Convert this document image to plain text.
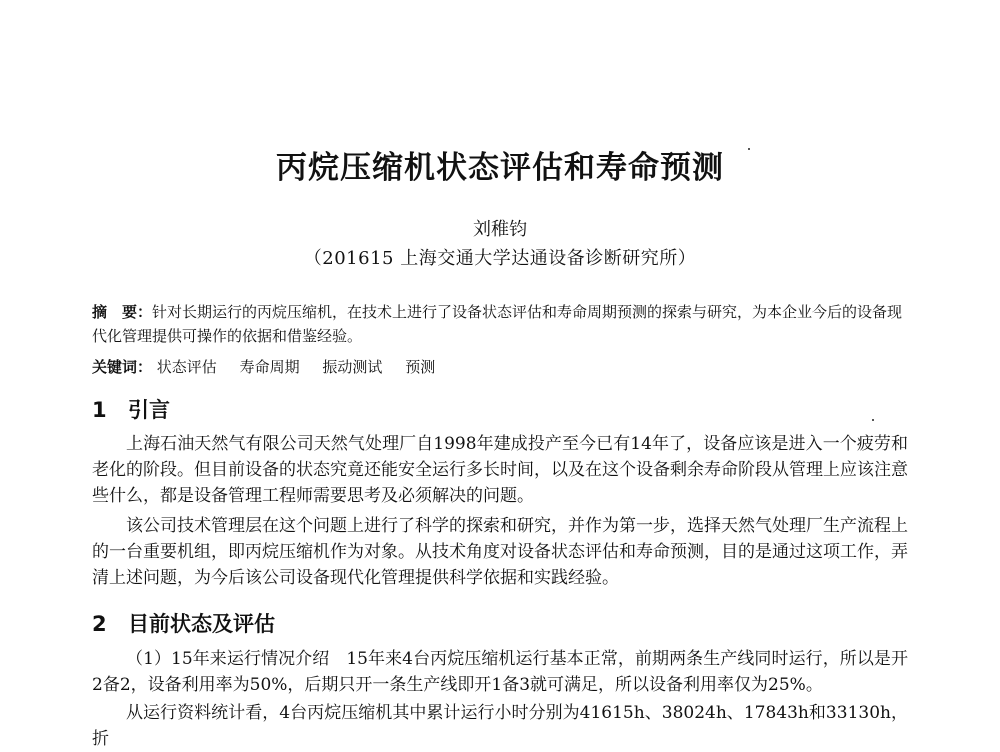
丙烷压缩机状态评估和寿命预测
刘稚钧
（201615 上海交通大学达通设备诊断研究所）
摘　要：针对长期运行的丙烷压缩机，在技术上进行了设备状态评估和寿命周期预测的探索与研究，为本企业今后的设备现代化管理提供可操作的依据和借鉴经验。
关键词： 状态评估 寿命周期 振动测试 预测
1 引言
上海石油天然气有限公司天然气处理厂自1998年建成投产至今已有14年了，设备应该是进入一个疲劳和老化的阶段。但目前设备的状态究竟还能安全运行多长时间，以及在这个设备剩余寿命阶段从管理上应该注意些什么，都是设备管理工程师需要思考及必须解决的问题。
该公司技术管理层在这个问题上进行了科学的探索和研究，并作为第一步，选择天然气处理厂生产流程上的一台重要机组，即丙烷压缩机作为对象。从技术角度对设备状态评估和寿命预测，目的是通过这项工作，弄清上述问题，为今后该公司设备现代化管理提供科学依据和实践经验。
2 目前状态及评估
（1）15年来运行情况介绍　15年来4台丙烷压缩机运行基本正常，前期两条生产线同时运行，所以是开2备2，设备利用率为50%，后期只开一条生产线即开1备3就可满足，所以设备利用率仅为25%。
从运行资料统计看，4台丙烷压缩机其中累计运行小时分别为41615h、38024h、17843h和33130h，折
